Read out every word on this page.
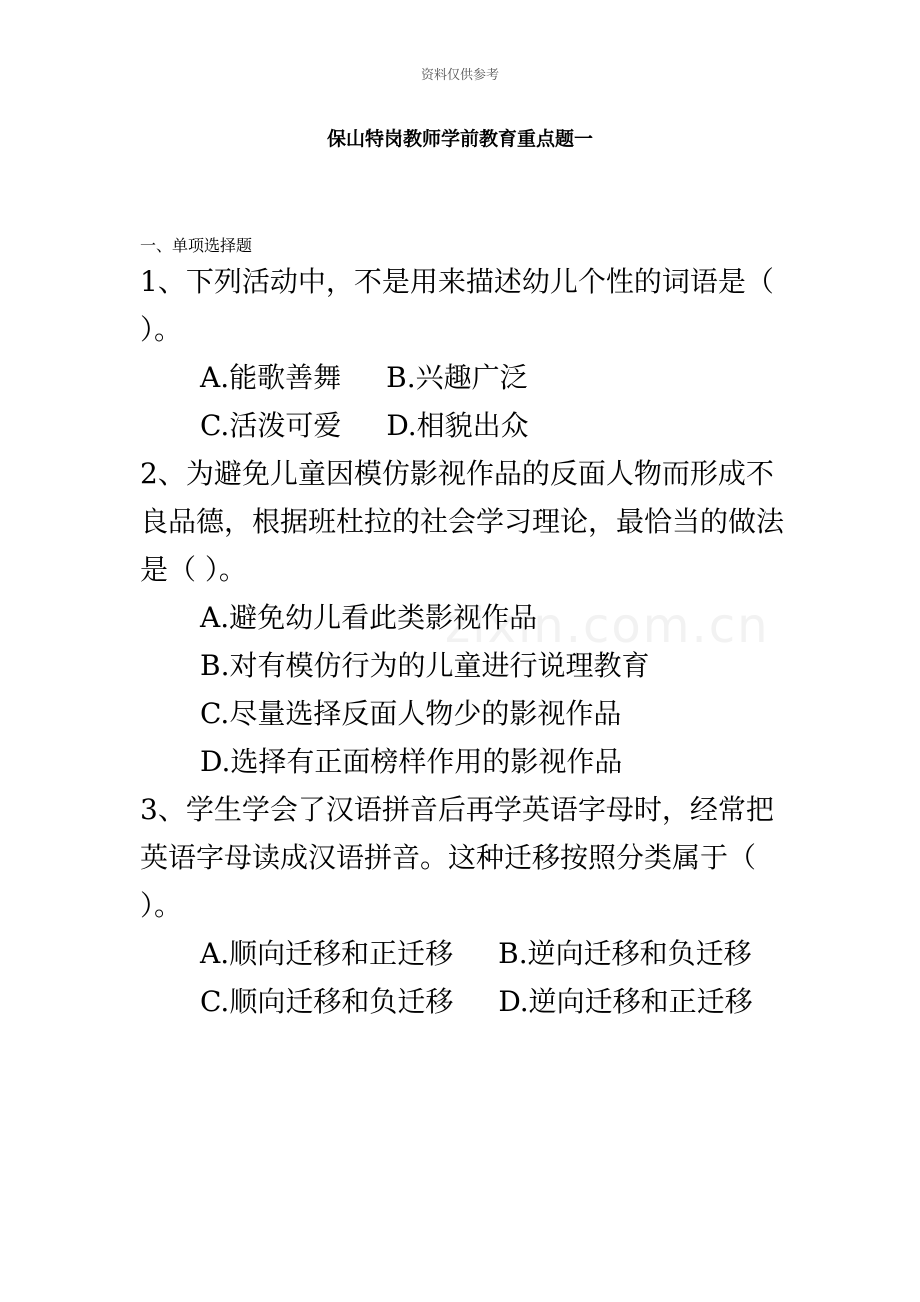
资料仅供参考
保山特岗教师学前教育重点题一
一、单项选择题
zixin.com.cn

1、下列活动中，不是用来描述幼儿个性的词语是（ ）。

A.能歌善舞 B.兴趣广泛

C.活泼可爱 D.相貌出众

2、为避免儿童因模仿影视作品的反面人物而形成不良品德，根据班杜拉的社会学习理论，最恰当的做法是（ ）。

A.避免幼儿看此类影视作品

B.对有模仿行为的儿童进行说理教育

C.尽量选择反面人物少的影视作品

D.选择有正面榜样作用的影视作品

3、学生学会了汉语拼音后再学英语字母时，经常把英语字母读成汉语拼音。这种迁移按照分类属于（ ）。

A.顺向迁移和正迁移 B.逆向迁移和负迁移

C.顺向迁移和负迁移 D.逆向迁移和正迁移
